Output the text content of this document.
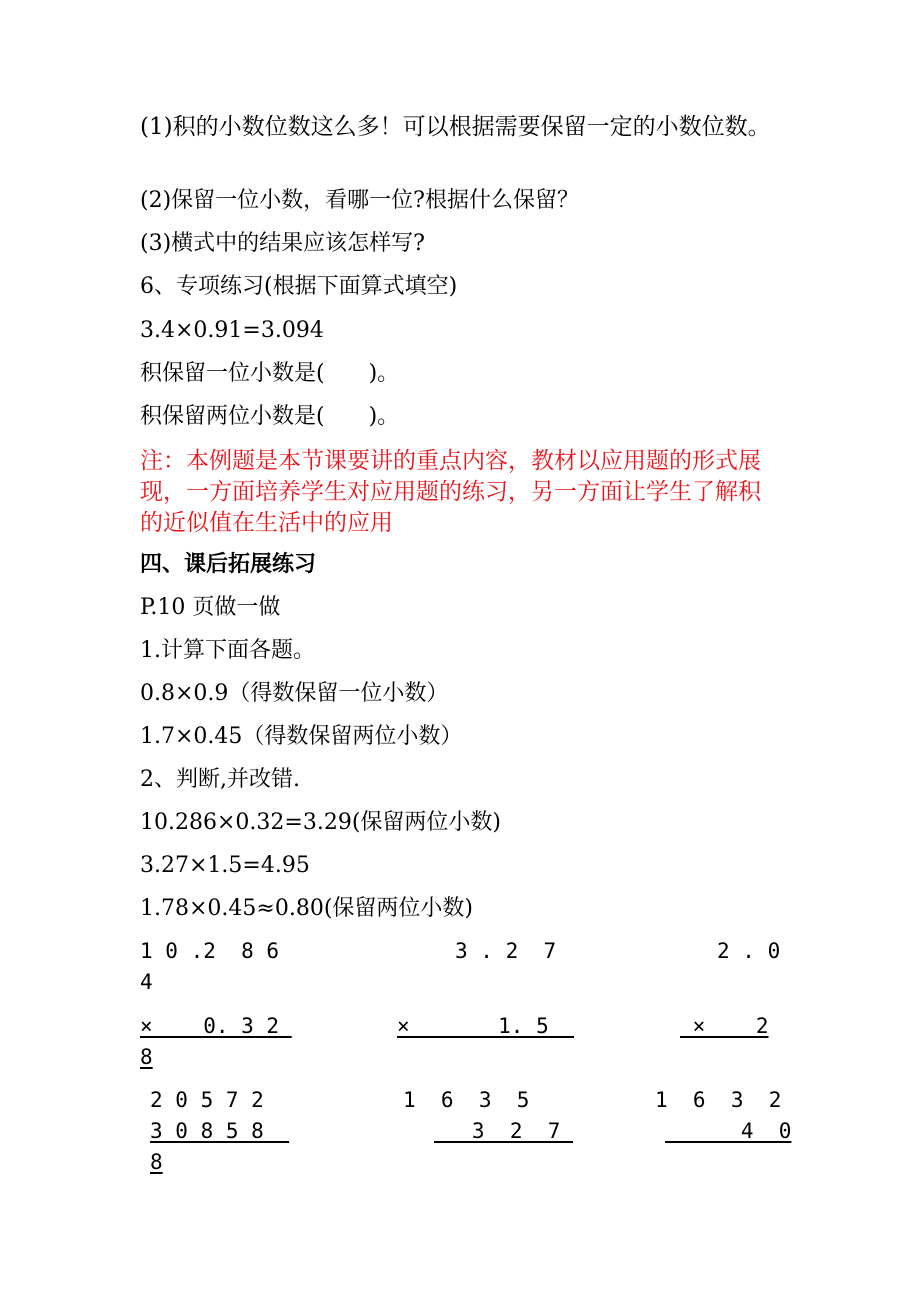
(1)积的小数位数这么多！可以根据需要保留一定的小数位数。
(2)保留一位小数，看哪一位?根据什么保留？
(3)横式中的结果应该怎样写?
6、专项练习(根据下面算式填空)
3.4×0.91=3.094
积保留一位小数是(　　)。
积保留两位小数是(　　)。
注：本例题是本节课要讲的重点内容，教材以应用题的形式展现，一方面培养学生对应用题的练习，另一方面让学生了解积的近似值在生活中的应用
四、课后拓展练习
P.10 页做一做
1.计算下面各题。
0.8×0.9（得数保留一位小数）
1.7×0.45（得数保留两位小数）
2、判断,并改错.
10.286×0.32=3.29(保留两位小数)
3.27×1.5=4.95
1.78×0.45≈0.80(保留两位小数)
1 0 .2  8 6
4
×    0. 3 2
8
2 0 5 7 2
3 0 8 5 8
8
3 . 2  7
×       1. 5
1  6  3  5
3  2  7
2 . 0
×    2
1  6  3  2
4  0
